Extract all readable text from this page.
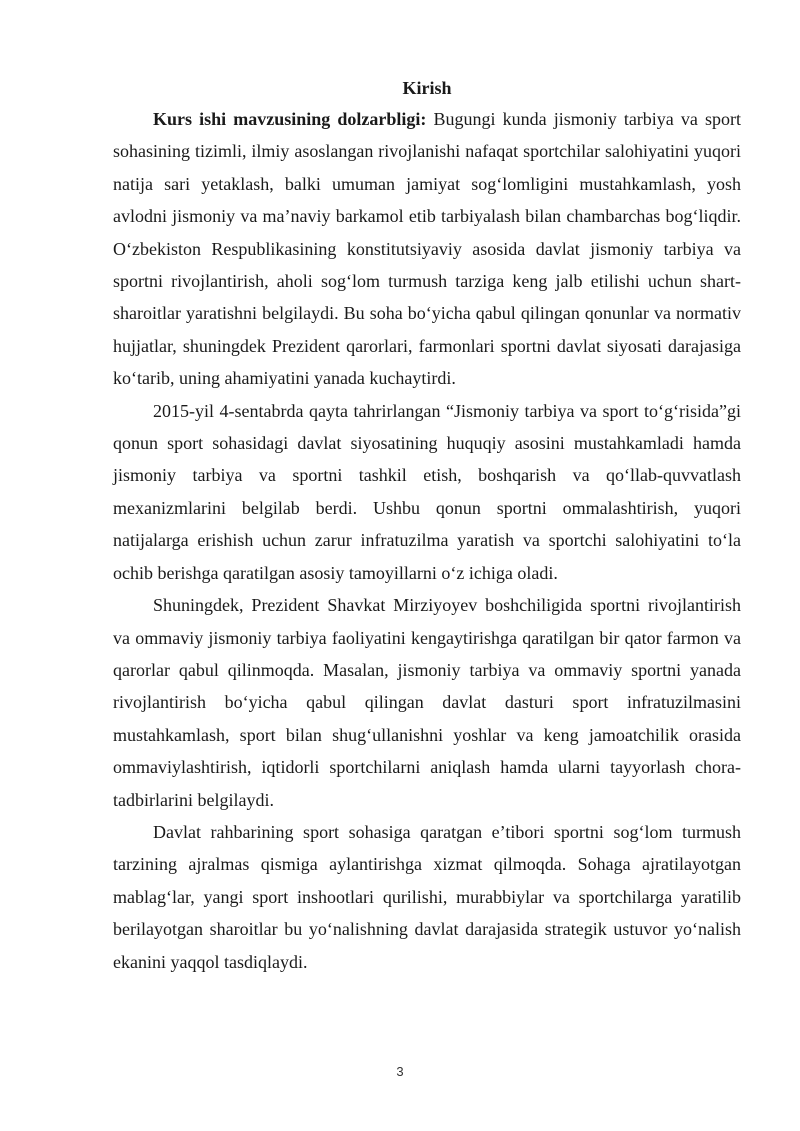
Kirish

Kurs ishi mavzusining dolzarbligi: Bugungi kunda jismoniy tarbiya va sport sohasining tizimli, ilmiy asoslangan rivojlanishi nafaqat sportchilar salohiyatini yuqori natija sari yetaklash, balki umuman jamiyat sog‘lomligini mustahkamlash, yosh avlodni jismoniy va ma’naviy barkamol etib tarbiyalash bilan chambarchas bog‘liqdir. O‘zbekiston Respublikasining konstitutsiyaviy asosida davlat jismoniy tarbiya va sportni rivojlantirish, aholi sog‘lom turmush tarziga keng jalb etilishi uchun shart-sharoitlar yaratishni belgilaydi. Bu soha bo‘yicha qabul qilingan qonunlar va normativ hujjatlar, shuningdek Prezident qarorlari, farmonlari sportni davlat siyosati darajasiga ko‘tarib, uning ahamiyatini yanada kuchaytirdi.

2015-yil 4-sentabrda qayta tahrirlangan “Jismoniy tarbiya va sport to‘g‘risida”gi qonun sport sohasidagi davlat siyosatining huquqiy asosini mustahkamladi hamda jismoniy tarbiya va sportni tashkil etish, boshqarish va qo‘llab-quvvatlash mexanizmlarini belgilab berdi. Ushbu qonun sportni ommalashtirish, yuqori natijalarga erishish uchun zarur infratuzilma yaratish va sportchi salohiyatini to‘la ochib berishga qaratilgan asosiy tamoyillarni o‘z ichiga oladi.

Shuningdek, Prezident Shavkat Mirziyoyev boshchiligida sportni rivojlantirish va ommaviy jismoniy tarbiya faoliyatini kengaytirishga qaratilgan bir qator farmon va qarorlar qabul qilinmoqda. Masalan, jismoniy tarbiya va ommaviy sportni yanada rivojlantirish bo‘yicha qabul qilingan davlat dasturi sport infratuzilmasini mustahkamlash, sport bilan shug‘ullanishni yoshlar va keng jamoatchilik orasida ommaviylashtirish, iqtidorli sportchilarni aniqlash hamda ularni tayyorlash chora-tadbirlarini belgilaydi.

Davlat rahbarining sport sohasiga qaratgan e’tibori sportni sog‘lom turmush tarzining ajralmas qismiga aylantirishga xizmat qilmoqda. Sohaga ajratilayotgan mablag‘lar, yangi sport inshootlari qurilishi, murabbiylar va sportchilarga yaratilib berilayotgan sharoitlar bu yo‘nalishning davlat darajasida strategik ustuvor yo‘nalish ekanini yaqqol tasdiqlaydi.

3
